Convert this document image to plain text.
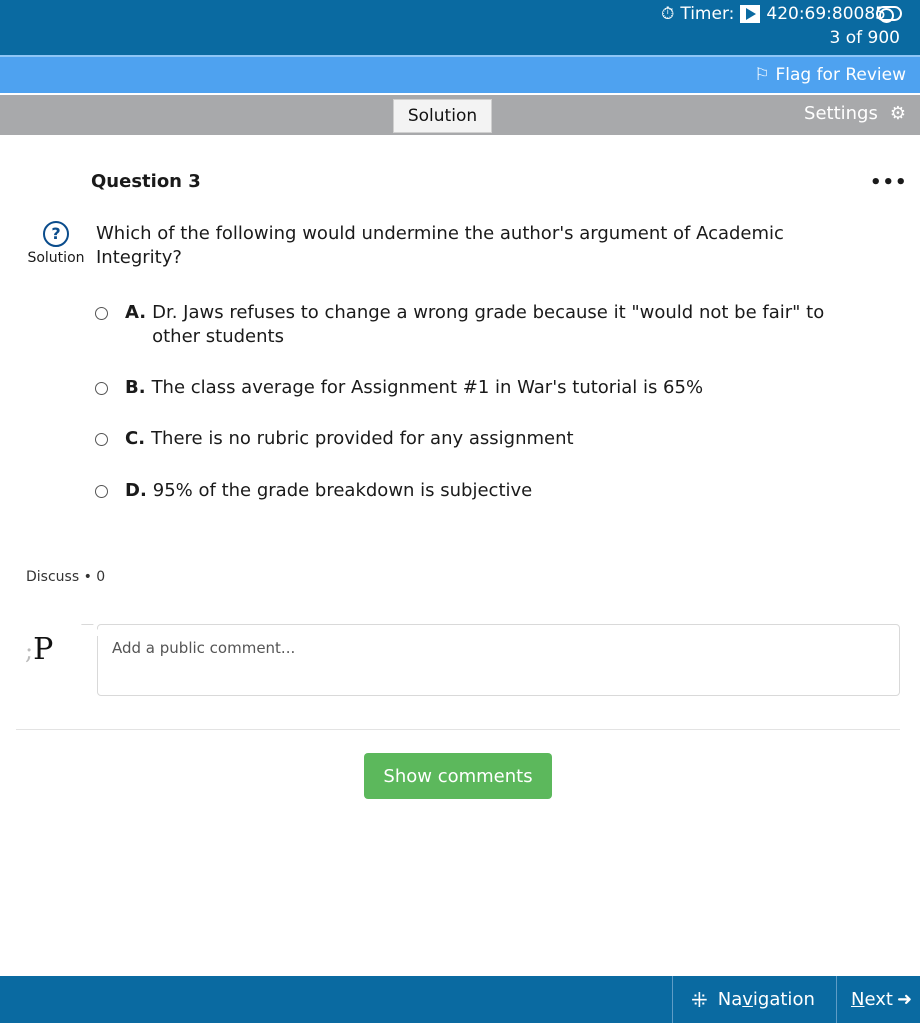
⏱ Timer: 420:69:80085
3 of 900
⚐ Flag for Review
Solution	Settings ⚙
Question 3	•••
?
Solution
Which of the following would undermine the author's argument of Academic Integrity?
A. Dr. Jaws refuses to change a wrong grade because it "would not be fair" to other students
B. The class average for Assignment #1 in War's tutorial is 65%
C. There is no rubric provided for any assignment
D. 95% of the grade breakdown is subjective
Discuss • 0
;P
Add a public comment...
Show comments
⁜ Navigation Next ➜
